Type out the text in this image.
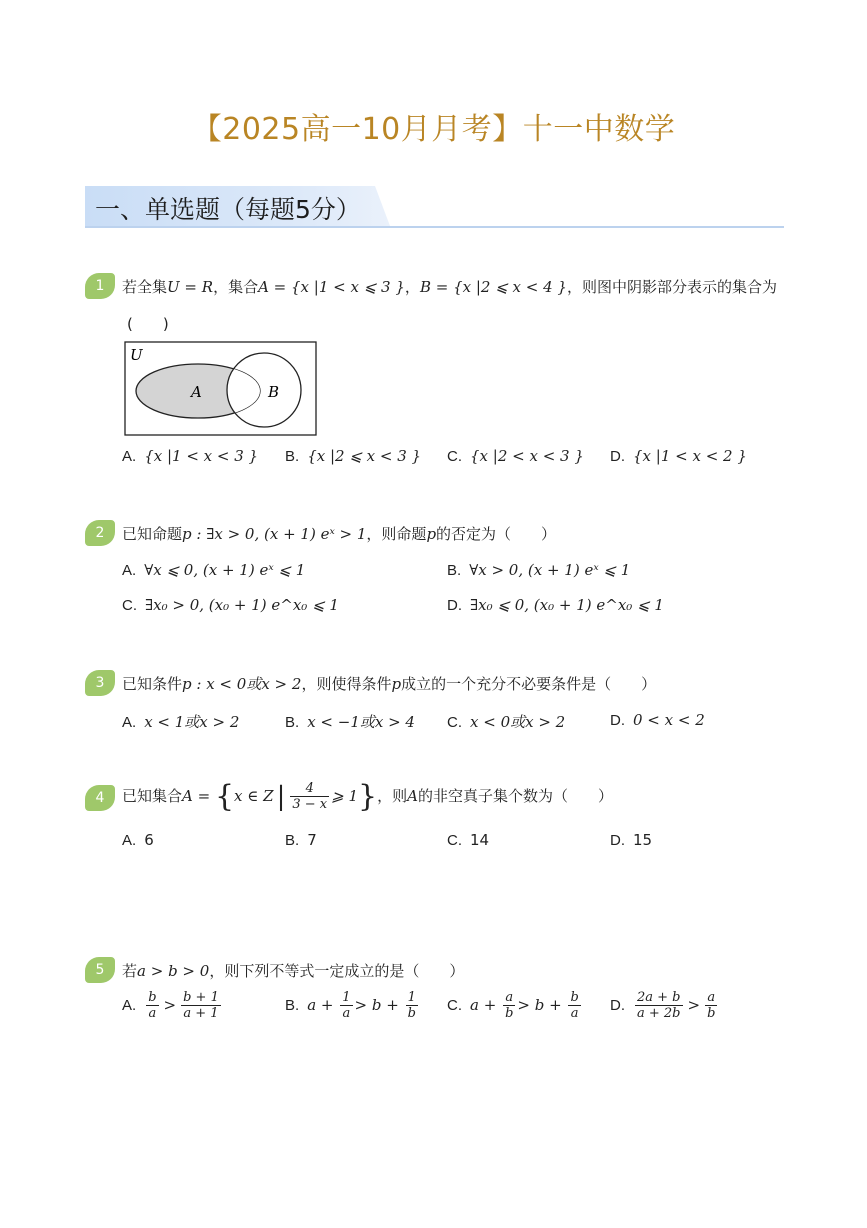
【2025高一10月月考】十一中数学
一、单选题（每题5分）
1	若全集U = R，集合A = {x |1 < x ⩽ 3 }，B = {x |2 ⩽ x < 4 }，则图中阴影部分表示的集合为
(　　)
U
A	B
A. {x |1 < x < 3 } B. {x |2 ⩽ x < 3 } C. {x |2 < x < 3 } D. {x |1 < x < 2 }
2	已知命题p : ∃x > 0, (x + 1) eˣ > 1，则命题p的否定为（　　）
A. ∀x ⩽ 0, (x + 1) eˣ ⩽ 1	B. ∀x > 0, (x + 1) eˣ ⩽ 1
C. ∃x₀ > 0, (x₀ + 1) e^x₀ ⩽ 1	D. ∃x₀ ⩽ 0, (x₀ + 1) e^x₀ ⩽ 1
3	已知条件p : x < 0或x > 2，则使得条件p成立的一个充分不必要条件是（　　）
A. x < 1或x > 2	B. x < −1或x > 4 C. x < 0或x > 2	D. 0 < x < 2
4	已知集合A = {x ∈ Z | $\frac{4}{3 - x}$ ⩾ 1}，则A的非空真子集个数为（　　）
A. 6	B. 7	C. 14	D. 15
5	若a > b > 0，则下列不等式一定成立的是（　　）
A. $\frac{b}{a} > \frac{b + 1}{a + 1}$	B. $a + \frac{1}{a} > b + \frac{1}{b} C$. $a + \frac{a}{b} > b + \frac{b}{a} D$. $\frac{2a + b}{a + 2b} > \frac{a}{b}$
